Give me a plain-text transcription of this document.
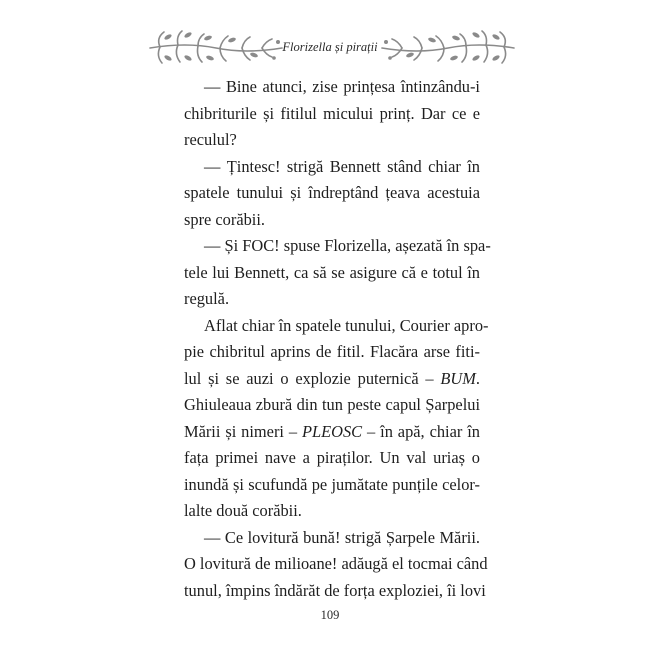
Florizella și pirații
— Bine atunci, zise prințesa întinzându-i
chibriturile și fitilul micului prinț. Dar ce e
reculul?
— Țintesc! strigă Bennett stând chiar în
spatele tunului și îndreptând țeava acestuia
spre corăbii.
— Și FOC! spuse Florizella, așezată în spa-
tele lui Bennett, ca să se asigure că e totul în
regulă.
Aflat chiar în spatele tunului, Courier apro-
pie chibritul aprins de fitil. Flacăra arse fiti-
lul și se auzi o explozie puternică – BUM.
Ghiuleaua zbură din tun peste capul Șarpelui
Mării și nimeri – PLEOSC – în apă, chiar în
fața primei nave a piraților. Un val uriaș o
inundă și scufundă pe jumătate punțile celor-
lalte două corăbii.
— Ce lovitură bună! strigă Șarpele Mării.
O lovitură de milioane! adăugă el tocmai când
tunul, împins îndărăt de forța exploziei, îi lovi
109
